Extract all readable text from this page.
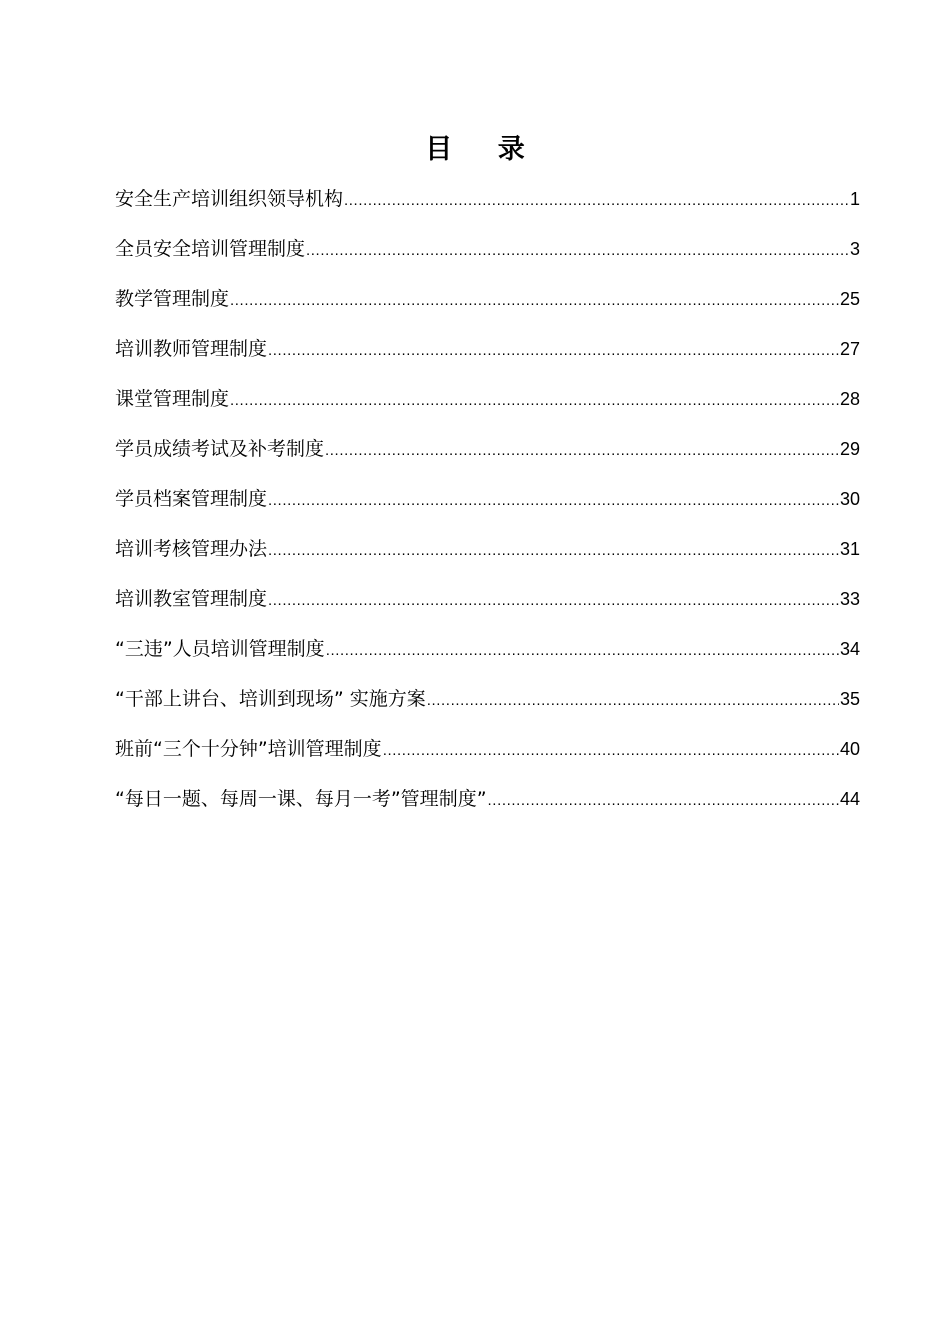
目 录
安全生产培训组织领导机构 .....	1
全员安全培训管理制度 .....	3
教学管理制度 .....	25
培训教师管理制度 .....	27
课堂管理制度 .....	28
学员成绩考试及补考制度 .....	29
学员档案管理制度 .....	30
培训考核管理办法 .....	31
培训教室管理制度 .....	33
“三违”人员培训管理制度 .....	34
“干部上讲台、培训到现场” 实施方案 .....	35
班前“三个十分钟”培训管理制度 .....	40
“每日一题、每周一课、每月一考”管理制度” .....	44
